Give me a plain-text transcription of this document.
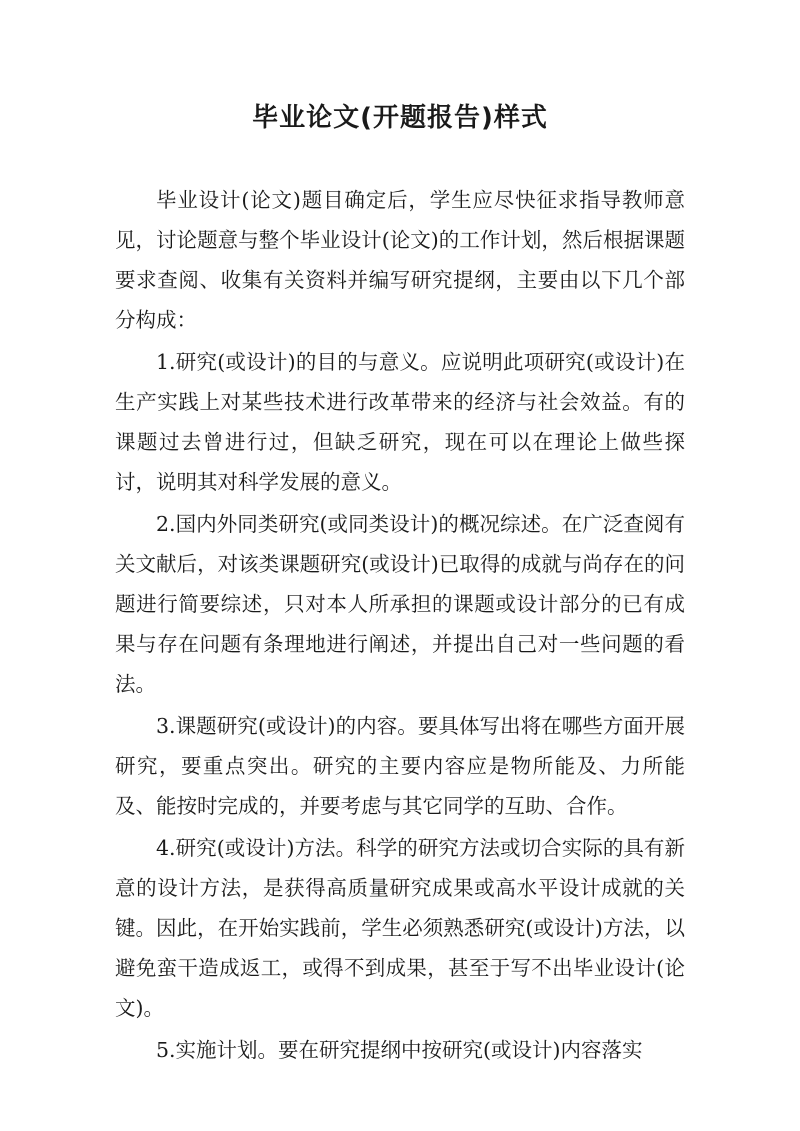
毕业论文(开题报告)样式

毕业设计(论文)题目确定后，学生应尽快征求指导教师意见，讨论题意与整个毕业设计(论文)的工作计划，然后根据课题要求查阅、收集有关资料并编写研究提纲，主要由以下几个部分构成：

1.研究(或设计)的目的与意义。应说明此项研究(或设计)在生产实践上对某些技术进行改革带来的经济与社会效益。有的课题过去曾进行过，但缺乏研究，现在可以在理论上做些探讨，说明其对科学发展的意义。

2.国内外同类研究(或同类设计)的概况综述。在广泛查阅有关文献后，对该类课题研究(或设计)已取得的成就与尚存在的问题进行简要综述，只对本人所承担的课题或设计部分的已有成果与存在问题有条理地进行阐述，并提出自己对一些问题的看法。

3.课题研究(或设计)的内容。要具体写出将在哪些方面开展研究，要重点突出。研究的主要内容应是物所能及、力所能及、能按时完成的，并要考虑与其它同学的互助、合作。

4.研究(或设计)方法。科学的研究方法或切合实际的具有新意的设计方法，是获得高质量研究成果或高水平设计成就的关键。因此，在开始实践前，学生必须熟悉研究(或设计)方法，以避免蛮干造成返工，或得不到成果，甚至于写不出毕业设计(论文)。

5.实施计划。要在研究提纲中按研究(或设计)内容落实
